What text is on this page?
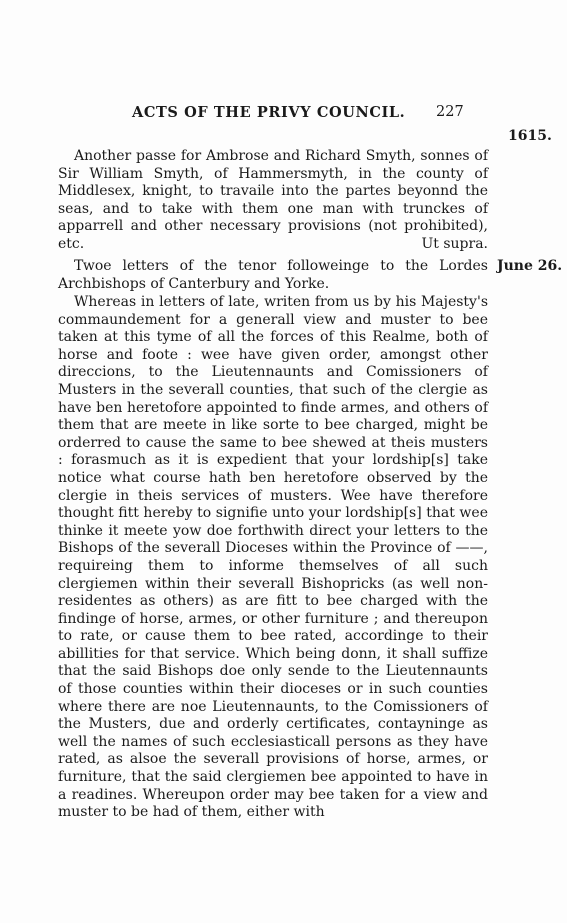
ACTS OF THE PRIVY COUNCIL. 227
1615.
June 26.

Another passe for Ambrose and Richard Smyth, sonnes of Sir William Smyth, of Hammersmyth, in the county of Middlesex, knight, to travaile into the partes beyonnd the seas, and to take with them one man with trunckes of apparrell and other necessary provisions (not prohibited), etc.	Ut supra.

Twoe letters of the tenor followeinge to the Lordes Archbishops of Canterbury and Yorke.

Whereas in letters of late, writen from us by his Majesty's commaundement for a generall view and muster to bee taken at this tyme of all the forces of this Realme, both of horse and foote : wee have given order, amongst other direccions, to the Lieutennaunts and Comissioners of Musters in the severall counties, that such of the clergie as have ben heretofore appointed to finde armes, and others of them that are meete in like sorte to bee charged, might be orderred to cause the same to bee shewed at theis musters : forasmuch as it is expedient that your lordship[s] take notice what course hath ben heretofore observed by the clergie in theis services of musters. Wee have therefore thought fitt hereby to signifie unto your lordship[s] that wee thinke it meete yow doe forthwith direct your letters to the Bishops of the severall Dioceses within the Province of ——, requireing them to informe themselves of all such clergiemen within their severall Bishopricks (as well non-residentes as others) as are fitt to bee charged with the findinge of horse, armes, or other furniture ; and thereupon to rate, or cause them to bee rated, accordinge to their abillities for that service. Which being donn, it shall suffize that the said Bishops doe only sende to the Lieutennaunts of those counties within their dioceses or in such counties where there are noe Lieutennaunts, to the Comissioners of the Musters, due and orderly certificates, contayninge as well the names of such ecclesiasticall persons as they have rated, as alsoe the severall provisions of horse, armes, or furniture, that the said clergiemen bee appointed to have in a readines. Whereupon order may bee taken for a view and muster to be had of them, either with
